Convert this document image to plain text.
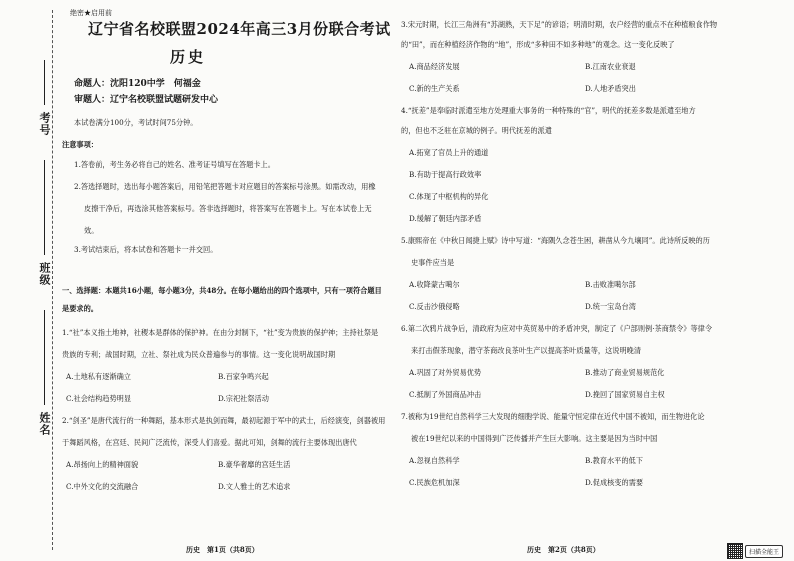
考号
班级
姓名
绝密★启用前
辽宁省名校联盟2024年高三3月份联合考试
历史
命题人：沈阳120中学　何福金
审题人：辽宁名校联盟试题研发中心
本试卷满分100分，考试时间75分钟。
注意事项：
1.答卷前，考生务必将自己的姓名、准考证号填写在答题卡上。
2.答选择题时，选出每小题答案后，用铅笔把答题卡对应题目的答案标号涂黑。如需改动，用橡
皮擦干净后，再选涂其他答案标号。答非选择题时，将答案写在答题卡上。写在本试卷上无
效。
3.考试结束后，将本试卷和答题卡一并交回。
一、选择题：本题共16小题，每小题3分，共48分。在每小题给出的四个选项中，只有一项符合题目
是要求的。
1.“社”本义指土地神，社稷本是群体的保护神。在由分封制下，“社”变为贵族的保护神；主持社祭是
贵族的专利；战国时期，立社、祭社成为民众普遍参与的事情。这一变化说明战国时期
A.土地私有逐渐确立	B.百家争鸣兴起
C.社会结构趋势明显	D.宗祀社祭活动
2.“剑圣”是唐代流行的一种舞蹈，基本形式是执剑而舞，最初起源于军中的武士，后经演变，剑器被用
于舞蹈风格，在宫廷、民间广泛流传，深受人们喜爱。据此可知，剑舞的流行主要体现出唐代
A.昂扬向上的精神面貌	B.豪华奢靡的宫廷生活
C.中外文化的交流融合	D.文人雅士的艺术追求
历史　第1页（共8页）
3.宋元时期，长江三角洲有“苏湖熟，天下足”的谚语；明清时期，农户经营的重点不在种植粮食作物
的“田”，而在种植经济作物的“地”，形成“多种田不如多种地”的观念。这一变化反映了
A.商品经济发展	B.江南农业衰退
C.新的生产关系	D.人地矛盾突出
4.“抚差”是奉临时派遣至地方处理重大事务的一种特殊的“官”，明代的抚差多数是派遣至地方
的，但也不乏驻在京城的例子。明代抚差的派遣
A.拓宽了官员上升的通道
B.有助于提高行政效率
C.体现了中枢机构的异化
D.缓解了朝廷内部矛盾
5.康熙帝在《中秋日闻捷上赋》诗中写道：“海隅久念苍生困，耕凿从今九壤同”。此诗所反映的历
史事件应当是
A.收降蒙古噶尔	B.击败准噶尔部
C.反击沙俄侵略	D.统一宝岛台湾
6.第二次鸦片战争后，清政府为应对中英贸易中的矛盾冲突，制定了《户部则例·茶商禁令》等律令
来打击假茶现象，潜守茶商改良茶叶生产以提高茶叶质量等，这说明晚清
A.巩固了对外贸易优势	B.推动了商业贸易规范化
C.抵制了外国商品冲击	D.挽回了国家贸易自主权
7.被称为19世纪自然科学三大发现的细胞学说、能量守恒定律在近代中国不被知，而生物进化论
被在19世纪以来的中国得到广泛传播并产生巨大影响。这主要是因为当时中国
A.忽视自然科学	B.教育水平的低下
C.民族危机加深	D.促成核变的需要
历史　第2页（共8页）	扫描全能王
